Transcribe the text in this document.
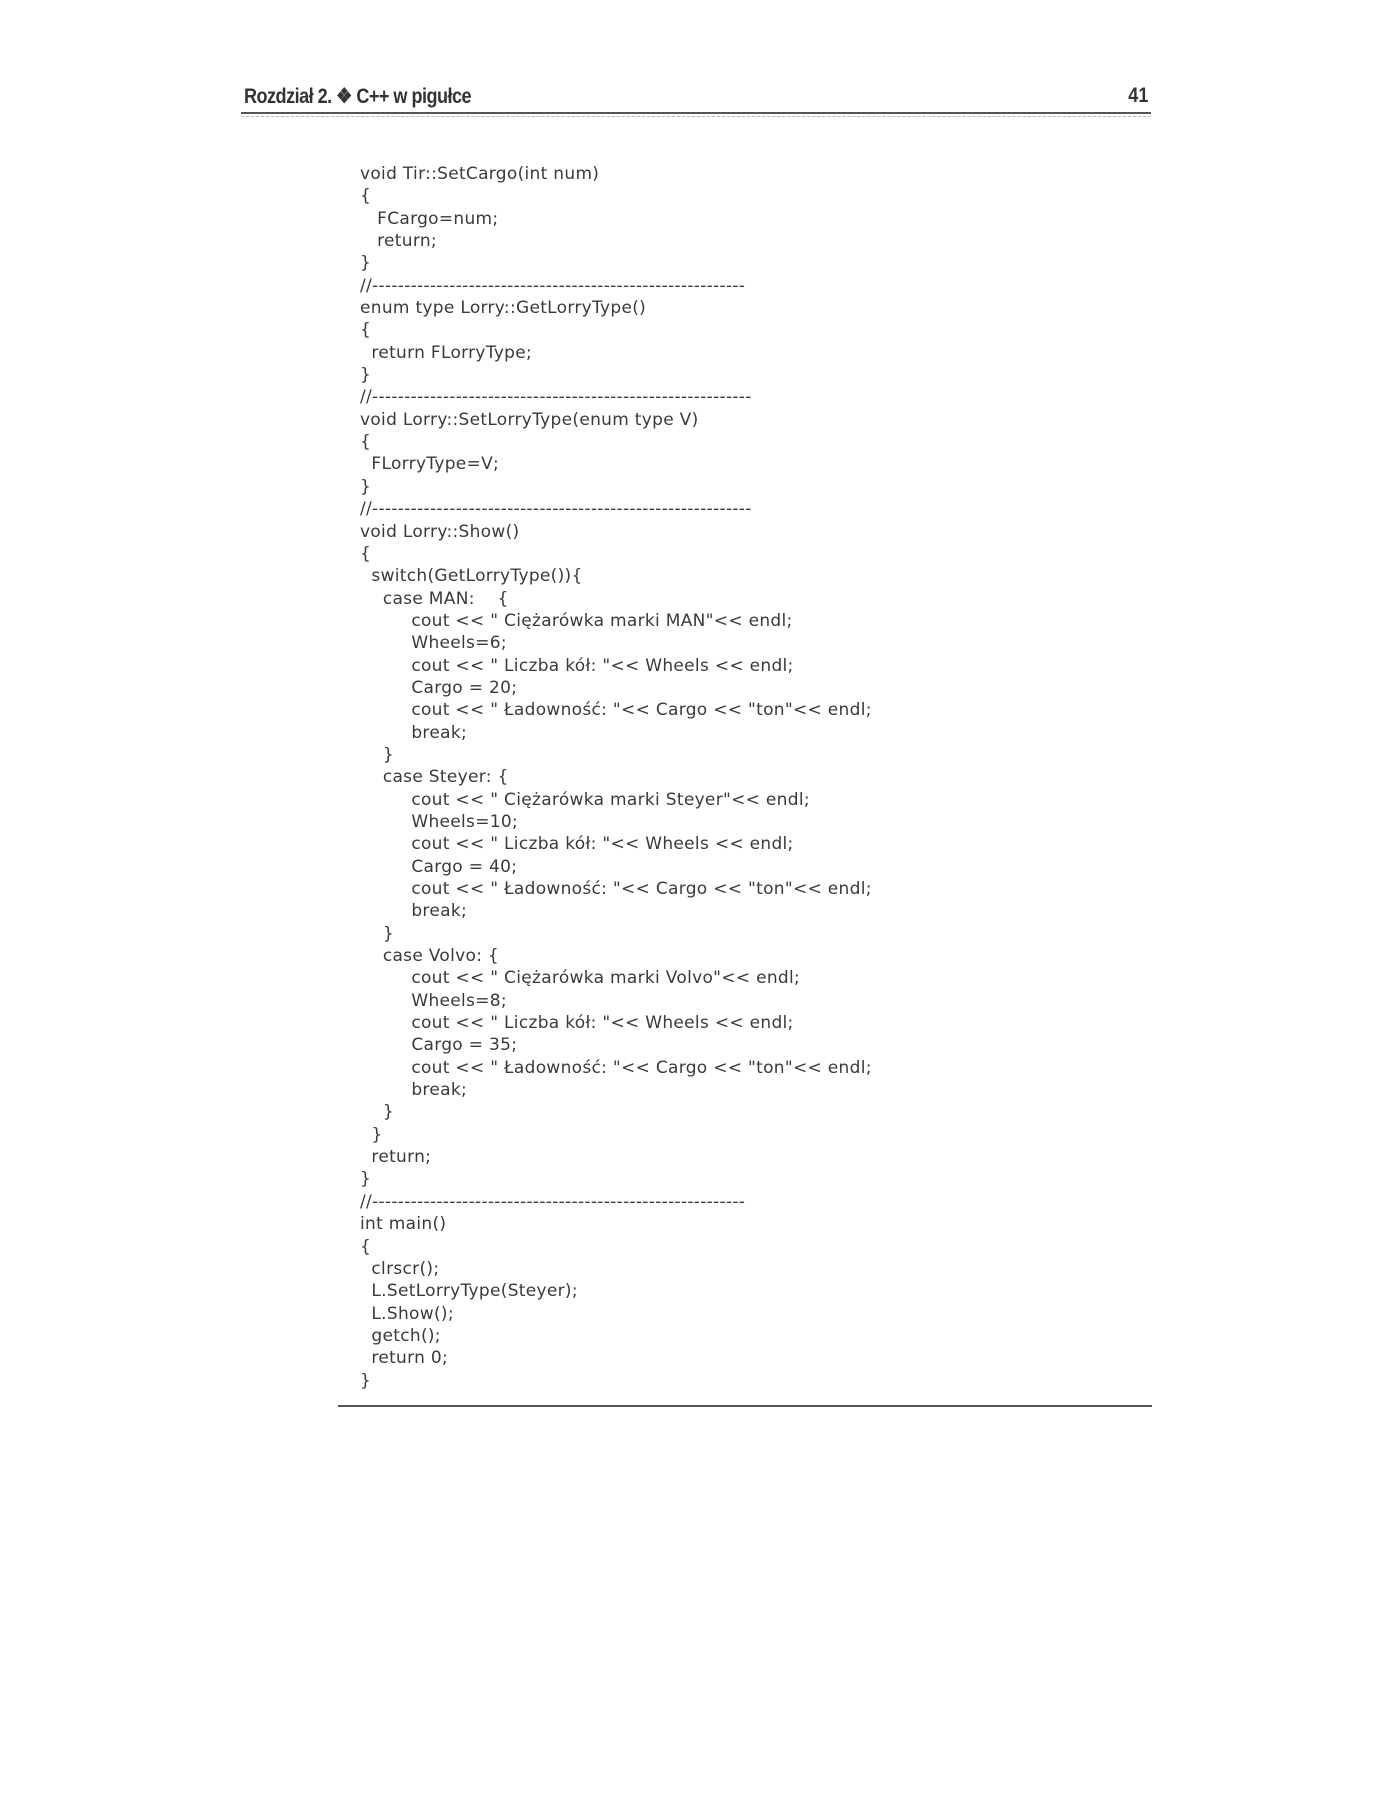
Rozdział 2. ❖ C++ w pigułce	41
void Tir::SetCargo(int num)
{
FCargo=num;
return;
}
//----------------------------------------------------------
enum type Lorry::GetLorryType()
{
return FLorryType;
}
//-----------------------------------------------------------
void Lorry::SetLorryType(enum type V)
{
FLorryType=V;
}
//-----------------------------------------------------------
void Lorry::Show()
{
switch(GetLorryType()){
case MAN:    {
cout << " Ciężarówka marki MAN"<< endl;
Wheels=6;
cout << " Liczba kół: "<< Wheels << endl;
Cargo = 20;
cout << " Ładowność: "<< Cargo << "ton"<< endl;
break;
}
case Steyer: {
cout << " Ciężarówka marki Steyer"<< endl;
Wheels=10;
cout << " Liczba kół: "<< Wheels << endl;
Cargo = 40;
cout << " Ładowność: "<< Cargo << "ton"<< endl;
break;
}
case Volvo: {
cout << " Ciężarówka marki Volvo"<< endl;
Wheels=8;
cout << " Liczba kół: "<< Wheels << endl;
Cargo = 35;
cout << " Ładowność: "<< Cargo << "ton"<< endl;
break;
}
}
return;
}
//----------------------------------------------------------
int main()
{
clrscr();
L.SetLorryType(Steyer);
L.Show();
getch();
return 0;
}
